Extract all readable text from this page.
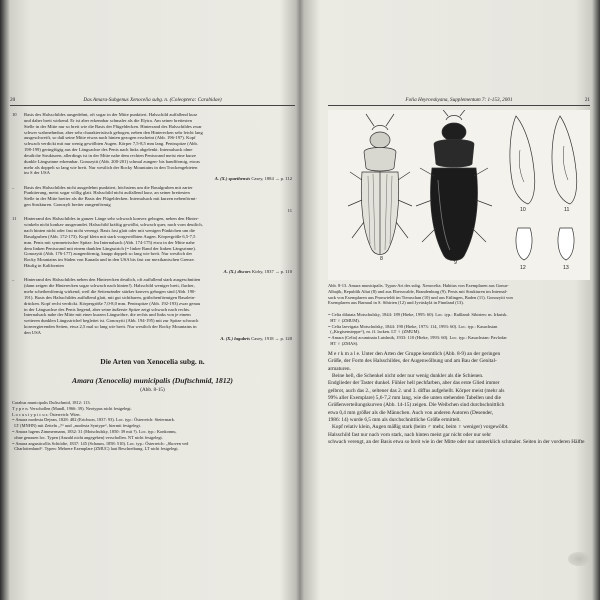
20	Das Amara-Subgenus Xenocelia subg. n. (Coleoptera: Carabidae)
10	Basis des Halsschildes ausgedehnt, oft sogar in der Mitte punktiert. Halsschild auffallend kurz

und daher breit wirkend. Er ist aber erkennbar schmaler als die Elytra. Am seiner breitesten

Stelle in der Mitte nur so breit wie die Basis der Flügeldecken. Hinterrand des Halsschildes zwar

schwer wahrnehmbar, aber sehr charakteristisch gebogen, neben den Hinterecken sehr leicht lang

ausgeschweift, so daß seine Mitte etwas nach hinten gezogen erscheint (Abb. 196-197). Kopf

schwach verdickt mit nur wenig gewölbten Augen. Körper 7,5-8,5 mm lang. Penisspitze (Abb.

198-199) geringfügig aus der Längsachse des Penis nach links abgelenkt. Internalsack ohne

deutliche Strukturen, allerdings ist in der Mitte nahe dem rechten Peniswand meist eine kurze

dunkle Längsrinne erkennbar. Gonozytii (Abb. 200-201) schmal zungen- bis bandförmig, etwas

mehr als doppelt so lang wie breit. Nur westlich der Rocky Mountains in den Trockengebieten

im S der USA

A. (X.) spaethensis Casey, 1884 → p. 112

–	Basis des Halsschildes nicht ausgedehnt punktiert, höchstens um die Basalgruben mit zarter

Punktierung, meist sogar völlig glatt. Halsschild nicht auffallend kurz, an seiner breitesten

Stelle in der Mitte breiter als die Basis der Flügeldecken. Internalsack mit kurzen nebenförmi-

gen Strukturen. Gonozyli breiter zungenförmig

11

11	Hinterrand des Halsschildes in ganzer Länge sehr schwach konvex gebogen, neben den Hinter-

winkeln nicht konkav ausgerandet. Halsschild kräftig gewölbt, schwach quer, nach vorn deutlich,

nach hinten nicht oder fast nicht verengt. Basis fast glatt oder mit wenigen Pünktchen um die

Basalgruben (Abb. 172-173). Kopf klein mit stark vorgewölbten Augen. Körpergröße 6,5-7,5

mm. Penis mit symmetrischer Spitze. Im Internalsack (Abb. 174-175) etwa in der Mitte nahe

dem linken Peniswand mit einem dunklen Längsstrich (= linker Rand der linken Längsrinne).

Gonozytii (Abb. 176-177) zungenförmig, knapp doppelt so lang wie breit. Nur westlich der

Rocky Mountains im Süden von Kanada und in den USA bis fast zur mexikanischen Grenze.

Häufig in Kalifornien

A. (X.) discors Kirby, 1837 → p. 110

–	Hinterrand des Halsschildes neben den Hinterecken deutlich, oft auffallend stark ausgeschnitten

(dann zeigen die Hinterecken sogar schwach nach hinten!). Halsschild weniger breit, flacher,

mehr scheibenförmig wirkend, weil die Seitenränder stärker konvex gebogen sind (Abb. 190-

191). Basis des Halsschildes auffallend glatt, mit gut sichtbaren, grübchenförmigen Basalein-

drücken. Kopf recht verdickt. Körpergröße 7,0-8,0 mm. Penisspitze (Abb. 192-193) zwar genau

in der Längsachse des Penis liegend, aber seine äußerste Spitze zeigt schwach nach rechts.

Internalsack nahe der Mitte mit einer kurzen Längsröhre, die rechts und links von je einem

weiteren dunklen Längsstrichel begleitet ist. Gonozytii (Abb. 194-195) mit zur Spitze schwach

konvergierenden Seiten, etwa 2,5 mal so lang wie breit. Nur westlich der Rocky Mountains in

den USA

A. (X.) lugubris Casey, 1918 → p. 120

Die Arten von Xenocelia subg. n.
Amara (Xenocelia) municipalis (Duftschmid, 1812)
(Abb. 8-15)

Carabus municipalis Duftschmid, 1812: 113.

T y p e n. Verschollen (Mandl, 1966: 39). Neotypus nicht festgelegt.

L o c u s t y p i c u s: Österreich: Wien.

= Amara modesta Dejean, 1828: 482 (Erichson, 1837: 93). Loc. typ.: Österreich: Steiermark.

LT (MNHN) mit Zetteln „?“ und „modesta Syntype“, hiermit festgelegt.

= Amara lugens Zimmermann, 1832: 31 (Motschulsky, 1850: 39 mit ?). Loc. typ.: Konkonnu,

ohne genauen loc. Typen (Anzahl nicht angegeben) verschollen. NT nicht festgelegt.

= Amara angusticollis Schiödte, 1837: 145 (Schaum, 1858: 510). Loc. typ.: Österreich: „Skoven ved

Charlottenlund“. Typen: Mehrere Exemplare (ZMUC) laut Beschreibung. LT nicht festgelegt.

Folia Heyrovskyana, Supplementum 7: 1-153, 2001	21
8
9
10	11
12	13

Abb. 8-13. Amara municipalis. Typus-Art des subg. Xenocelia. Habitus von Exemplaren aus Gonur-

Albajik, Republik Altai (8) und aus Eberswalde, Brandenburg (9). Penis mit Strukturen im Internal-

sack von Exemplaren aus Pronwieldt im Tieraschan (10) und aus Ettlingen, Baden (11). Gonozytii von

Exemplaren aus Barnaul in S. Sibirien (12) und Jyväskylä in Finnland (13).

= Celia dilatata Motschulsky, 1844: 189 (Hieke, 1995: 60). Loc. typ.: Rußland: Sibirien: m. Irkutsk.

HT ♀ (ZMUM).

= Celia laevigata Motschulsky, 1844: 190 (Hieke, 1973: 114, 1993: 60). Loc. typ.: Kasachstan

(„Kirgisensteppe“), m. ff. lacken. LT ♀ (ZMUM).

= Amara (Celia) acuminata Lutshnik, 1933: 110 (Hieke, 1993: 60). Loc. typ.: Kasachstan: Pavlodar

HT ♀ (ZMAS).

M e r k m a l e. Unter den Arten der Gruppe kenntlich (Abb. 8-9) an der geringen

Größe, der Form des Halsschildes, der Augenwölbung und am Bau der Genital-

armaturen.

Beine hell, die Schenkel nicht oder nur wenig dunkler als die Schienen.

Endglieder der Taster dunkel. Fühler hell pechfarben, aber das erste Glied immer

gelbrot, auch das 2., seltener das 2. und 3. diffus aufgehellt. Körper meist (mehr als

99% aller Exemplare) 5,6-7,2 mm lang, wie die unten stehenden Tabellen und die

Größenverteilungskurven (Abb. 14-15) zeigen. Die Weibchen sind durchschnittlich

etwa 0,4 mm größer als die Männchen. Auch von anderen Autoren (Desender,

1986: 14) wurde 6,5 mm als durchschnittliche Größe ermittelt.

Kopf relativ klein, Augen mäßig stark (beim ♂ mehr, beim ♀ weniger) vorgewölbt.

Halsschild fast nur nach vorn stark, nach hinten meist gar nicht oder nur sehr

schwach verengt, an der Basis etwa so breit wie in der Mitte oder nur unmerklich schmaler. Seiten in der vorderen Hälfte
